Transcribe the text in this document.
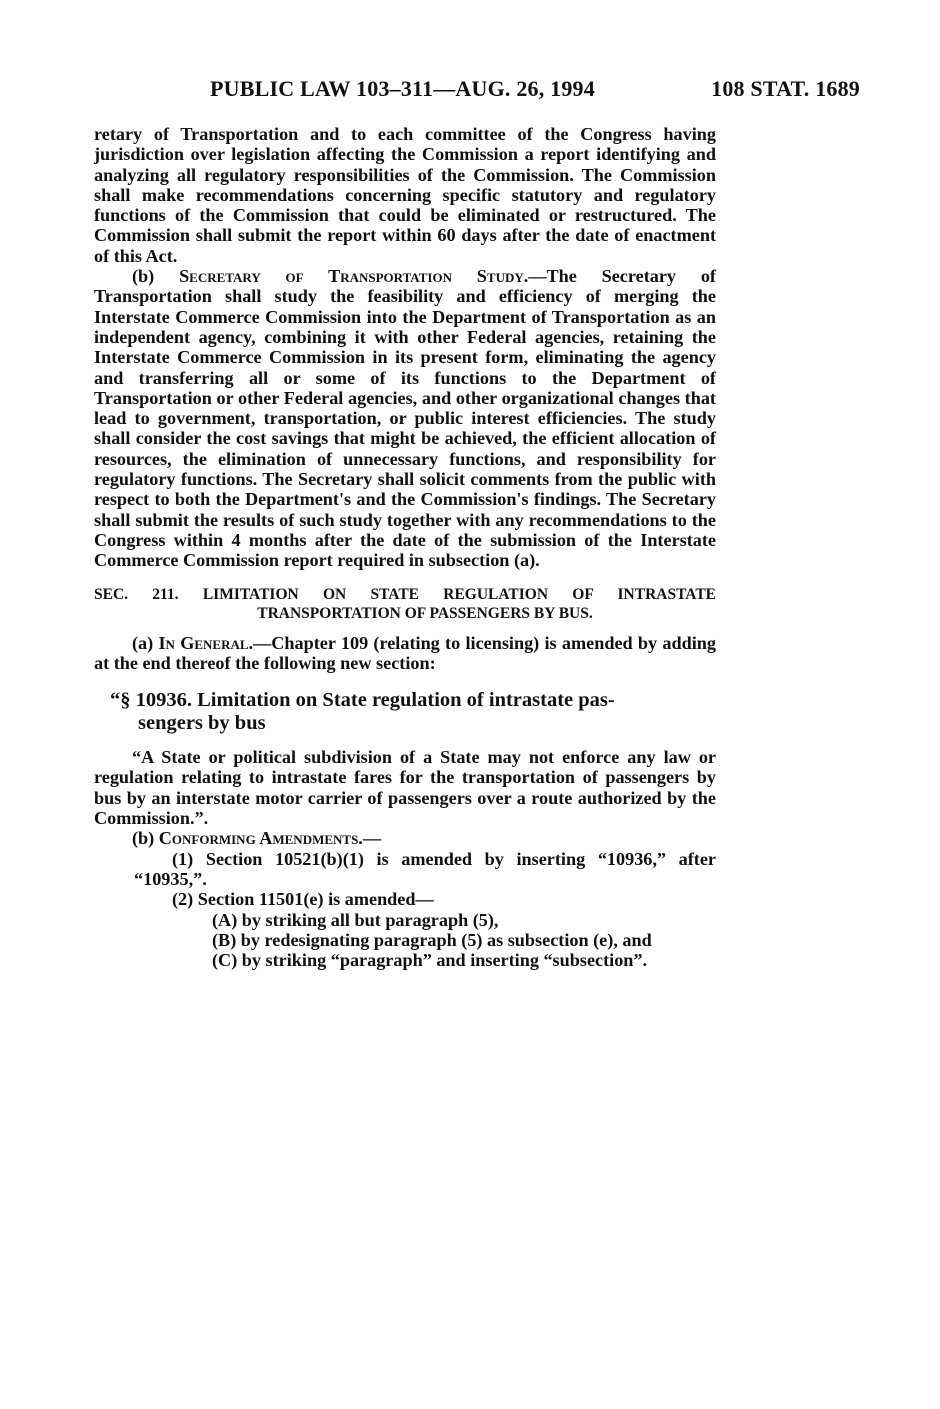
PUBLIC LAW 103–311—AUG. 26, 1994	108 STAT. 1689

retary of Transportation and to each committee of the Congress having jurisdiction over legislation affecting the Commission a report identifying and analyzing all regulatory responsibilities of the Commission. The Commission shall make recommendations concerning specific statutory and regulatory functions of the Commission that could be eliminated or restructured. The Commission shall submit the report within 60 days after the date of enactment of this Act.

(b) Secretary of Transportation Study.—The Secretary of Transportation shall study the feasibility and efficiency of merging the Interstate Commerce Commission into the Department of Transportation as an independent agency, combining it with other Federal agencies, retaining the Interstate Commerce Commission in its present form, eliminating the agency and transferring all or some of its functions to the Department of Transportation or other Federal agencies, and other organizational changes that lead to government, transportation, or public interest efficiencies. The study shall consider the cost savings that might be achieved, the efficient allocation of resources, the elimination of unnecessary functions, and responsibility for regulatory functions. The Secretary shall solicit comments from the public with respect to both the Department's and the Commission's findings. The Secretary shall submit the results of such study together with any recommendations to the Congress within 4 months after the date of the submission of the Interstate Commerce Commission report required in subsection (a).

SEC. 211. LIMITATION ON STATE REGULATION OF INTRASTATE

TRANSPORTATION OF PASSENGERS BY BUS.

(a) In General.—Chapter 109 (relating to licensing) is amended by adding at the end thereof the following new section:

“§ 10936. Limitation on State regulation of intrastate pas-

sengers by bus

“A State or political subdivision of a State may not enforce any law or regulation relating to intrastate fares for the transportation of passengers by bus by an interstate motor carrier of passengers over a route authorized by the Commission.”.

(b) Conforming Amendments.—

(1) Section 10521(b)(1) is amended by inserting “10936,” after “10935,”.

(2) Section 11501(e) is amended—

(A) by striking all but paragraph (5),

(B) by redesignating paragraph (5) as subsection (e), and

(C) by striking “paragraph” and inserting “subsection”.
